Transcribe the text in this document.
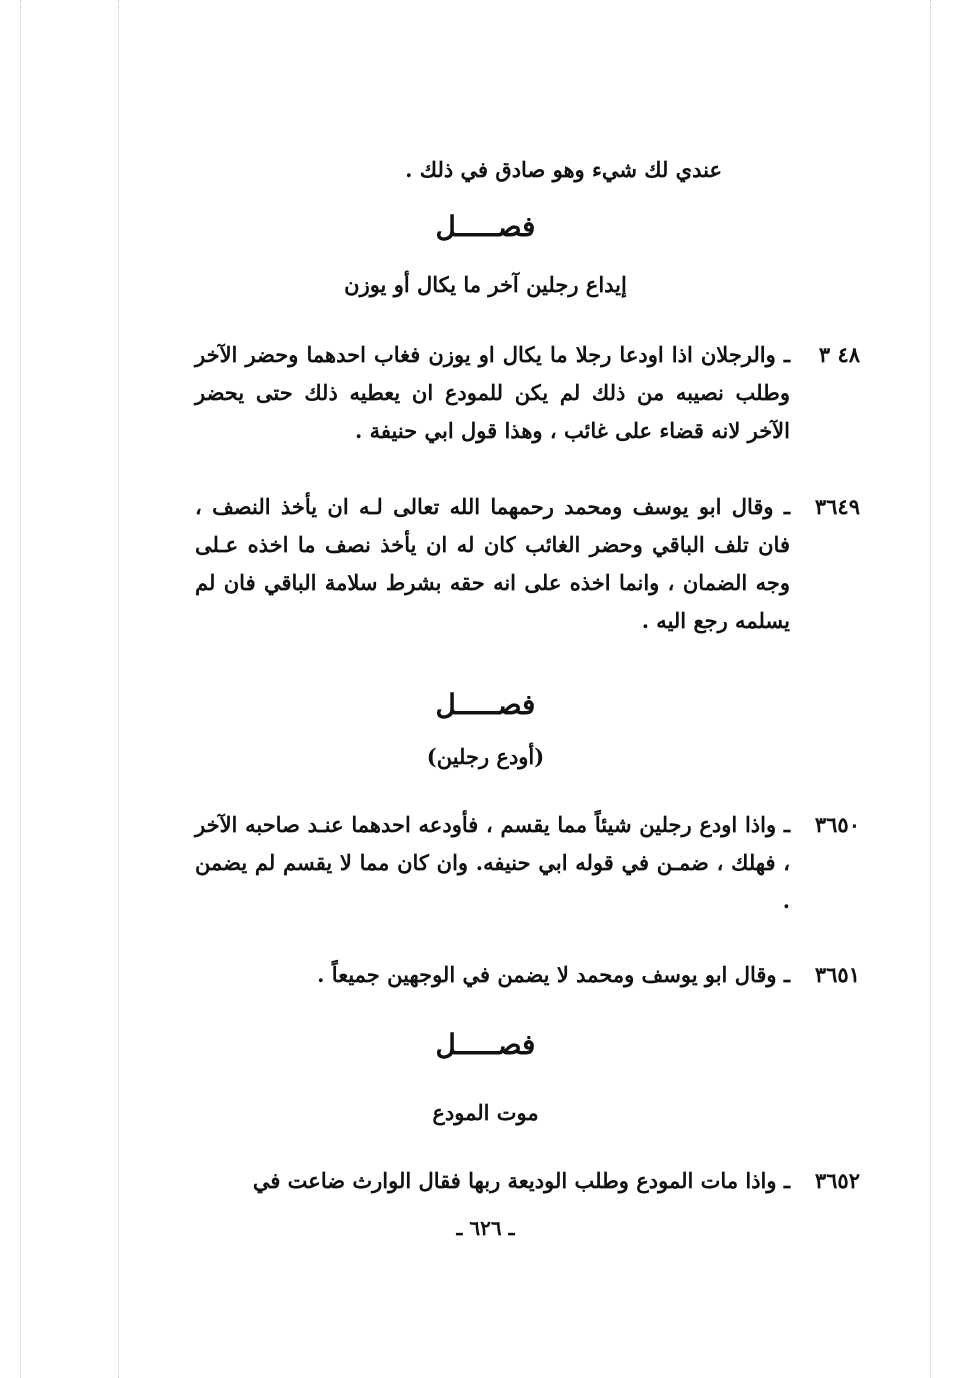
عندي لك شيء وهو صادق في ذلك .
فصـــــل
إيداع رجلين آخر ما يكال أو يوزن
٤٨ ٣
ـ والرجلان اذا اودعا رجلا ما يكال او يوزن فغاب احدهما وحضر الآخر وطلب نصيبه من ذلك لم يكن للمودع ان يعطيه ذلك حتى يحضر الآخر لانه قضاء على غائب ، وهذا قول ابي حنيفة .
٣٦٤٩
ـ وقال ابو يوسف ومحمد رحمهما الله تعالى لـه ان يأخذ النصف ، فان تلف الباقي وحضر الغائب كان له ان يأخذ نصف ما اخذه عـلى وجه الضمان ، وانما اخذه على انه حقه بشرط سلامة الباقي فان لم يسلمه رجع اليه .
فصـــــل
(أودع رجلين)
٣٦٥٠
ـ واذا اودع رجلين شيئاً مما يقسم ، فأودعه احدهما عنـد صاحبه الآخر ، فهلك ، ضمـن في قوله ابي حنيفه. وان كان مما لا يقسم لم يضمن .
٣٦٥١
ـ وقال ابو يوسف ومحمد لا يضمن في الوجهين جميعاً .
فصـــــل
موت المودع
٣٦٥٢
ـ واذا مات المودع وطلب الوديعة ربها فقال الوارث ضاعت في
ـ ٦٢٦ ـ
